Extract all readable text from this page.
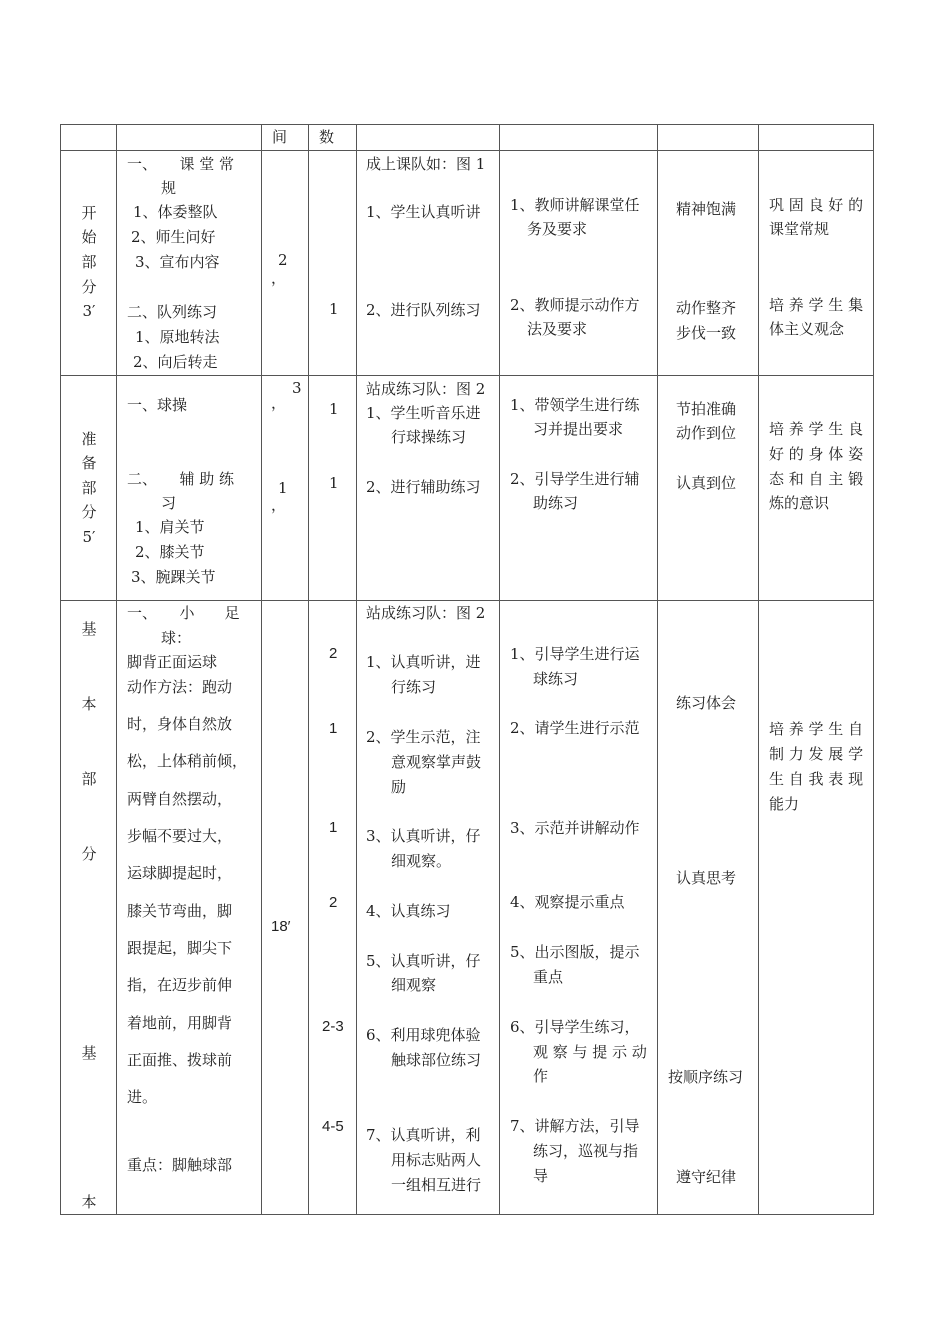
间 数
开
始
部
分
3′
一、　　课 堂 常
规
1、体委整队
2、师生问好
3、宣布内容
二、队列练习
1、原地转法
2、向后转走
2
，
1
成上课队如：图 1
1、学生认真听讲
2、进行队列练习
1、教师讲解课堂任
务及要求
2、教师提示动作方
法及要求
精神饱满
动作整齐
步伐一致
巩 固 良 好 的
课堂常规
培 养 学 生 集
体主义观念
准
备
部
分
5′
一、球操
二、　　辅 助 练
习
1、肩关节
2、膝关节
3、腕踝关节
3
，
1
，
1
1
站成练习队：图 2
1、学生听音乐进
行球操练习
2、进行辅助练习
1、带领学生进行练
习并提出要求
2、引导学生进行辅
助练习
节拍准确
动作到位
认真到位
培 养 学 生 良
好 的 身 体 姿
态 和 自 主 锻
炼的意识
基
本
部
分
基
本
一、　　小　　足
球：
脚背正面运球
动作方法：跑动
时，身体自然放
松，上体稍前倾，
两臂自然摆动，
步幅不要过大，
运球脚提起时，
膝关节弯曲，脚
跟提起，脚尖下
指，在迈步前伸
着地前，用脚背
正面推、拨球前
进。
重点：脚触球部
18′
2
1
1
2
2-3
4-5
站成练习队：图 2
1、认真听讲，进
行练习
2、学生示范，注
意观察掌声鼓
励
3、认真听讲，仔
细观察。
4、认真练习
5、认真听讲，仔
细观察
6、利用球兜体验
触球部位练习
7、认真听讲，利
用标志贴两人
一组相互进行
1、引导学生进行运
球练习
2、请学生进行示范
3、示范并讲解动作
4、观察提示重点
5、出示图版，提示
重点
6、引导学生练习，
观 察 与 提 示 动
作
7、讲解方法，引导
练习，巡视与指
导
练习体会
认真思考
按顺序练习
遵守纪律
培 养 学 生 自
制 力 发 展 学
生 自 我 表 现
能力
